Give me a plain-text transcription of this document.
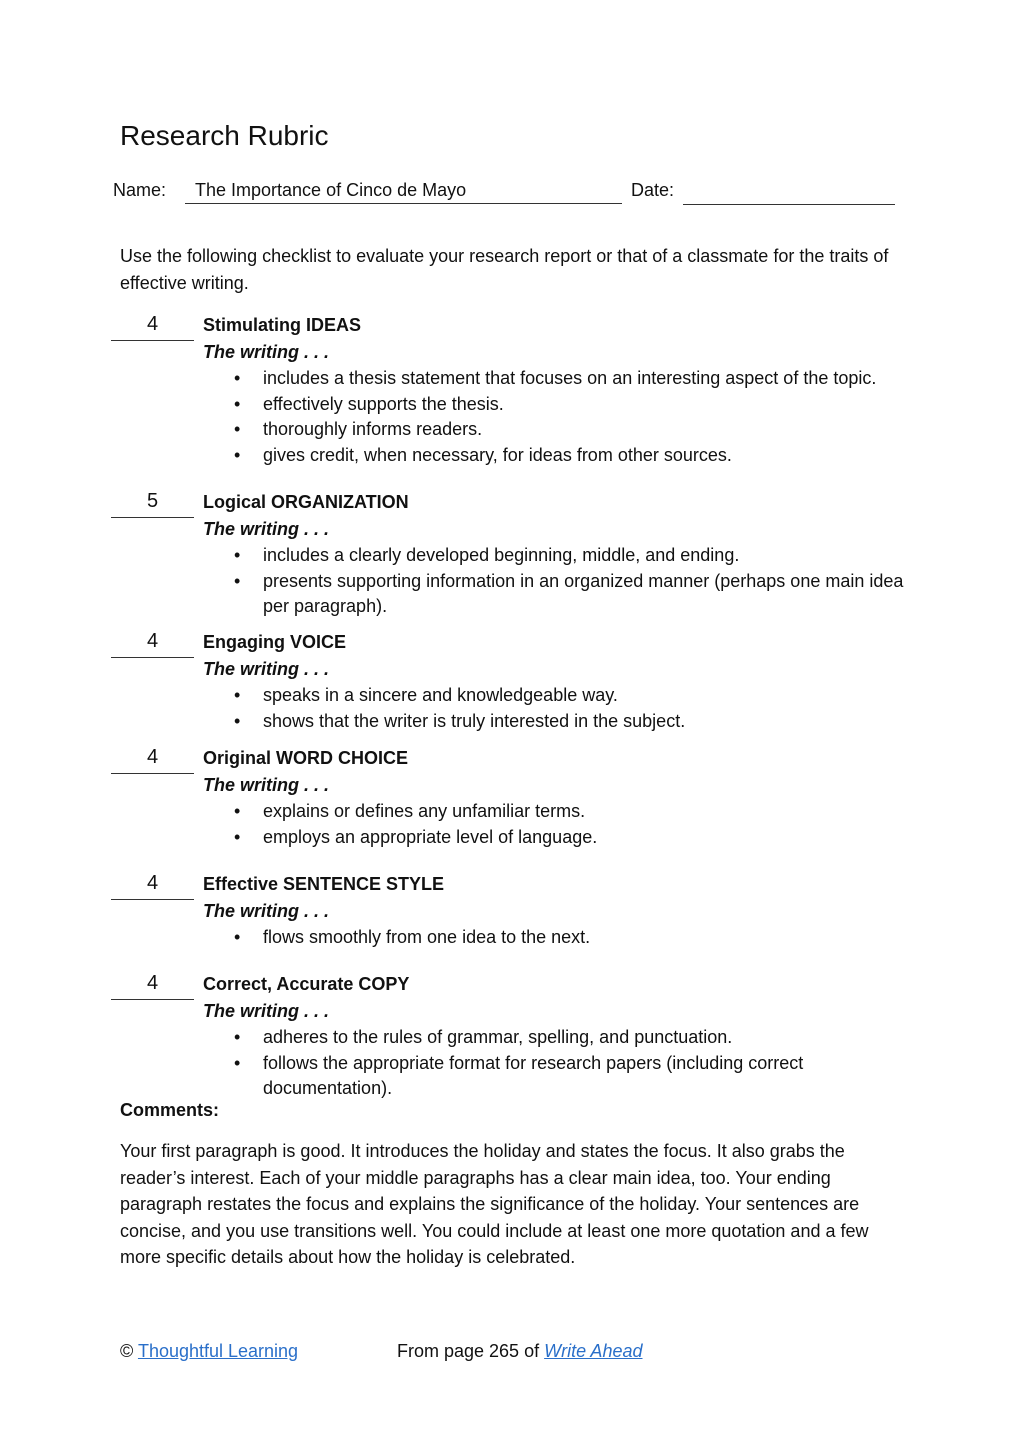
Research Rubric
Name:	The Importance of Cinco de Mayo	Date:
Use the following checklist to evaluate your research report or that of a classmate for the traits of effective writing.
4	Stimulating IDEAS
The writing . . .
• includes a thesis statement that focuses on an interesting aspect of the topic.
• effectively supports the thesis.
• thoroughly informs readers.
• gives credit, when necessary, for ideas from other sources.
5	Logical ORGANIZATION
The writing . . .
• includes a clearly developed beginning, middle, and ending.
• presents supporting information in an organized manner (perhaps one main idea per paragraph).
4	Engaging VOICE
The writing . . .
• speaks in a sincere and knowledgeable way.
• shows that the writer is truly interested in the subject.
4	Original WORD CHOICE
The writing . . .
• explains or defines any unfamiliar terms.
• employs an appropriate level of language.
4	Effective SENTENCE STYLE
The writing . . .
• flows smoothly from one idea to the next.
4	Correct, Accurate COPY
The writing . . .
• adheres to the rules of grammar, spelling, and punctuation.
• follows the appropriate format for research papers (including correct documentation).
Comments:
Your first paragraph is good. It introduces the holiday and states the focus. It also grabs the reader’s interest. Each of your middle paragraphs has a clear main idea, too. Your ending paragraph restates the focus and explains the significance of the holiday. Your sentences are concise, and you use transitions well. You could include at least one more quotation and a few more specific details about how the holiday is celebrated.
© Thoughtful Learning	From page 265 of Write Ahead
